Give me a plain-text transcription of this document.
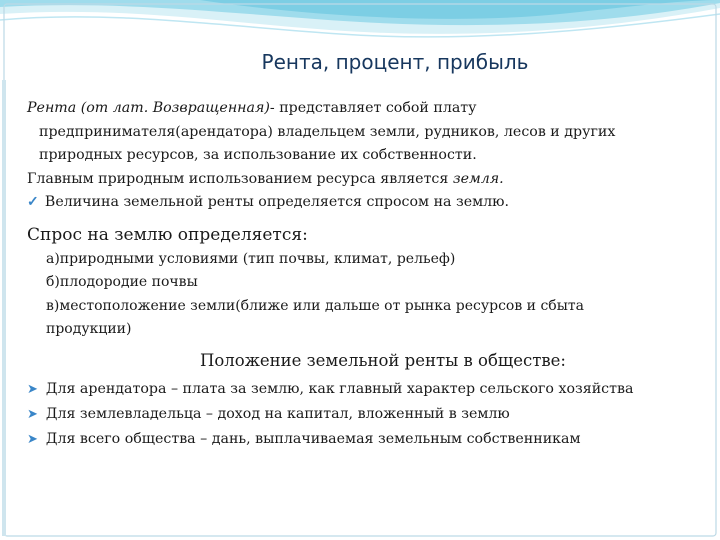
Рента, процент, прибыль
Рента (от лат. Возвращенная)- представляет собой плату
предпринимателя(арендатора) владельцем земли, рудников, лесов и других
природных ресурсов, за использование их собственности.
Главным природным использованием ресурса является земля.
✓ Величина земельной ренты определяется спросом на землю.
Спрос на землю определяется:
а)природными условиями (тип почвы, климат, рельеф)
б)плодородие почвы
в)местоположение земли(ближе или дальше от рынка ресурсов и сбыта
продукции)
Положение земельной ренты в обществе:
➤ Для арендатора – плата за землю, как главный характер сельского хозяйства
➤ Для землевладельца – доход на капитал, вложенный в землю
➤ Для всего общества – дань, выплачиваемая земельным собственникам
